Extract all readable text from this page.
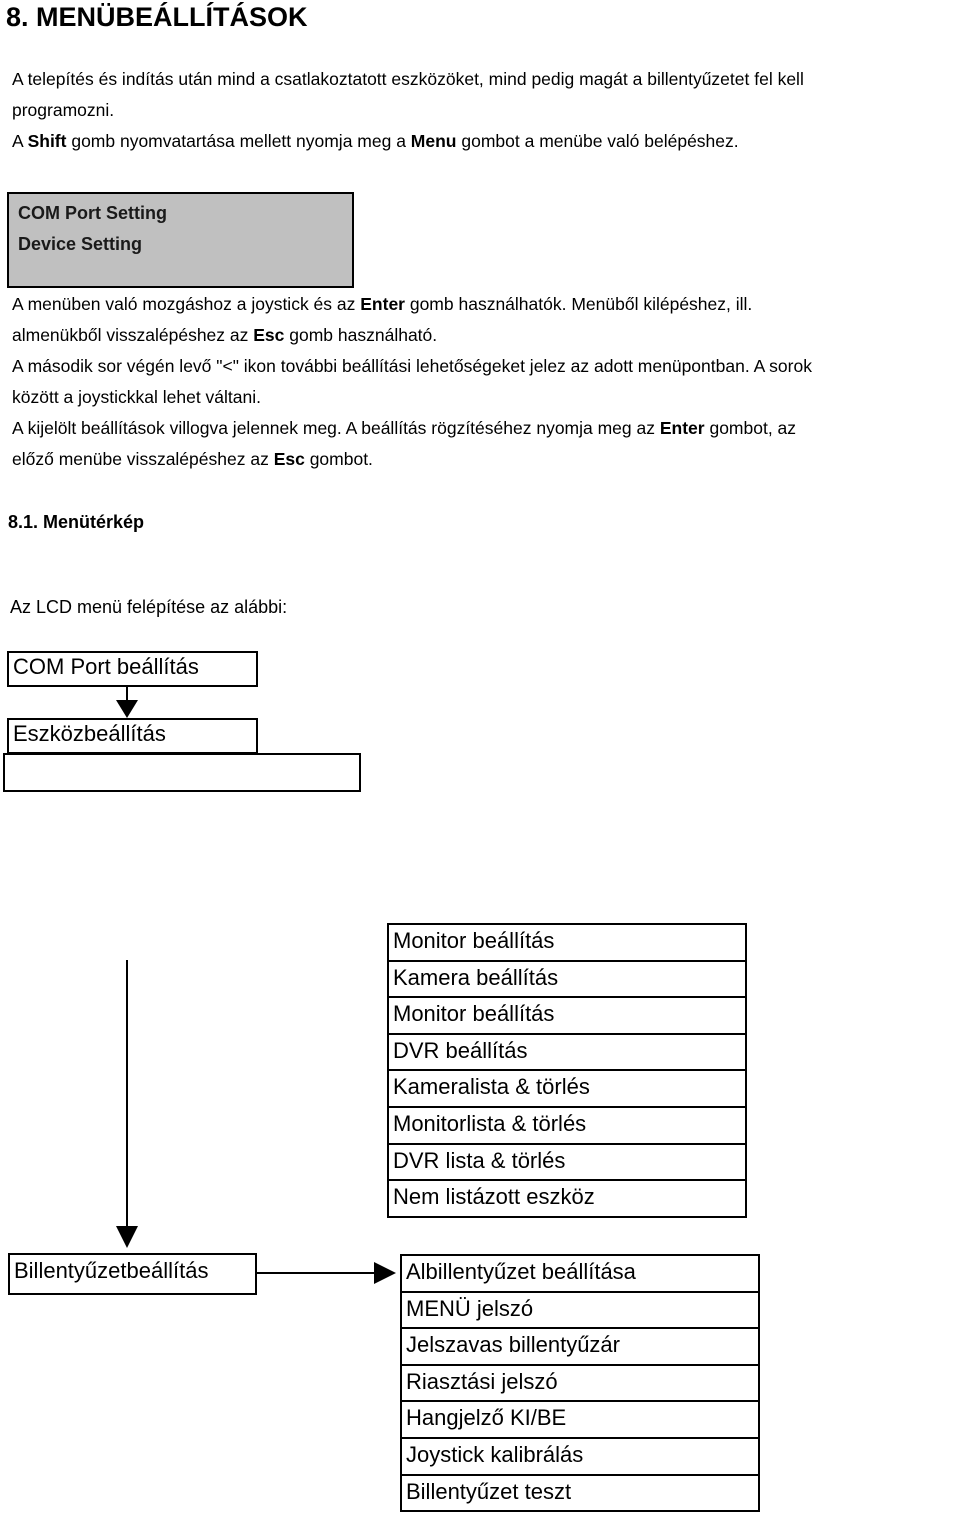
8. MENÜBEÁLLÍTÁSOK
A telepítés és indítás után mind a csatlakoztatott eszközöket, mind pedig magát a billentyűzetet fel kell
programozni.
A Shift gomb nyomvatartása mellett nyomja meg a Menu gombot a menübe való belépéshez.
COM Port Setting
Device Setting
A menüben való mozgáshoz a joystick és az Enter gomb használhatók. Menüből kilépéshez, ill.
almenükből visszalépéshez az Esc gomb használható.
A második sor végén levő "<" ikon további beállítási lehetőségeket jelez az adott menüpontban. A sorok
között a joystickkal lehet váltani.
A kijelölt beállítások villogva jelennek meg. A beállítás rögzítéséhez nyomja meg az Enter gombot, az
előző menübe visszalépéshez az Esc gombot.
8.1. Menütérkép
Az LCD menü felépítése az alábbi:
COM Port beállítás
Eszközbeállítás
Monitor beállítás
Kamera beállítás
Monitor beállítás
DVR beállítás
Kameralista & törlés
Monitorlista & törlés
DVR lista & törlés
Nem listázott eszköz
Billentyűzetbeállítás	Albillentyűzet beállítása
MENÜ jelszó
Jelszavas billentyűzár
Riasztási jelszó
Hangjelző KI/BE
Joystick kalibrálás
Billentyűzet teszt
